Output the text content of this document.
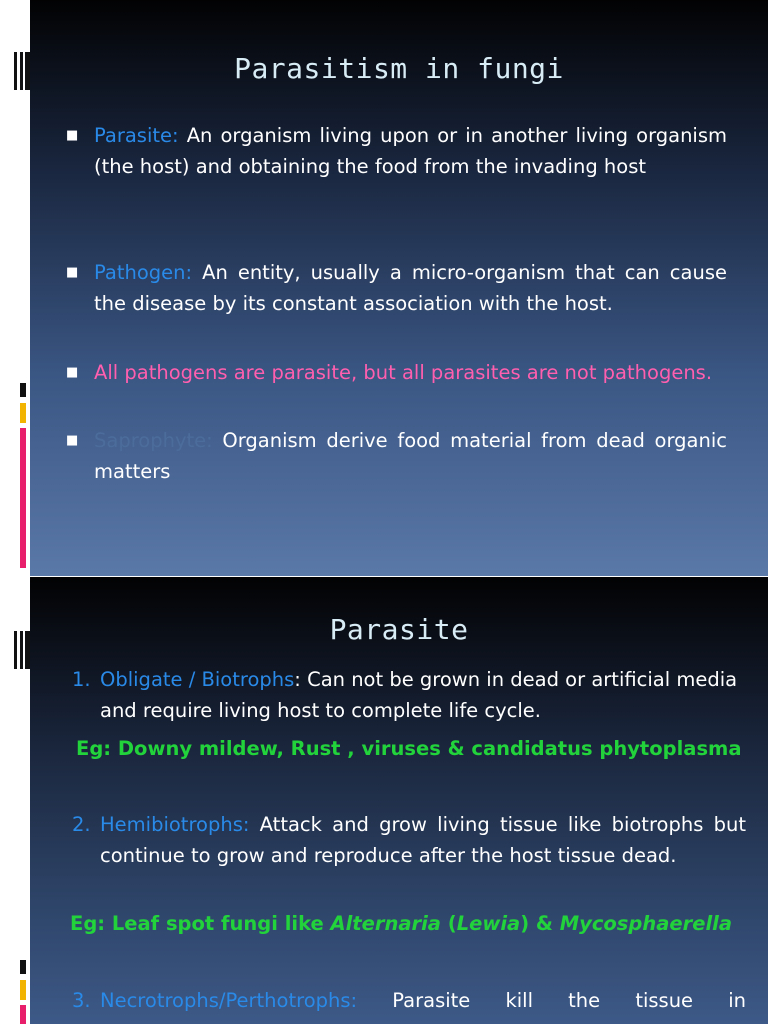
Parasitism in fungi
■ Parasite: An organism living upon or in another living organism (the host) and obtaining the food from the invading host
■ Pathogen: An entity, usually a micro-organism that can cause the disease by its constant association with the host.
■ All pathogens are parasite, but all parasites are not pathogens.
■ Saprophyte: Organism derive food material from dead organic matters
Parasite
1. Obligate / Biotrophs: Can not be grown in dead or artificial media and require living host to complete life cycle.
Eg: Downy mildew, Rust , viruses & candidatus phytoplasma
2. Hemibiotrophs: Attack and grow living tissue like biotrophs but continue to grow and reproduce after the host tissue dead.
Eg: Leaf spot fungi like Alternaria (Lewia) & Mycosphaerella
3. Necrotrophs/Perthotrophs: Parasite kill the tissue in
